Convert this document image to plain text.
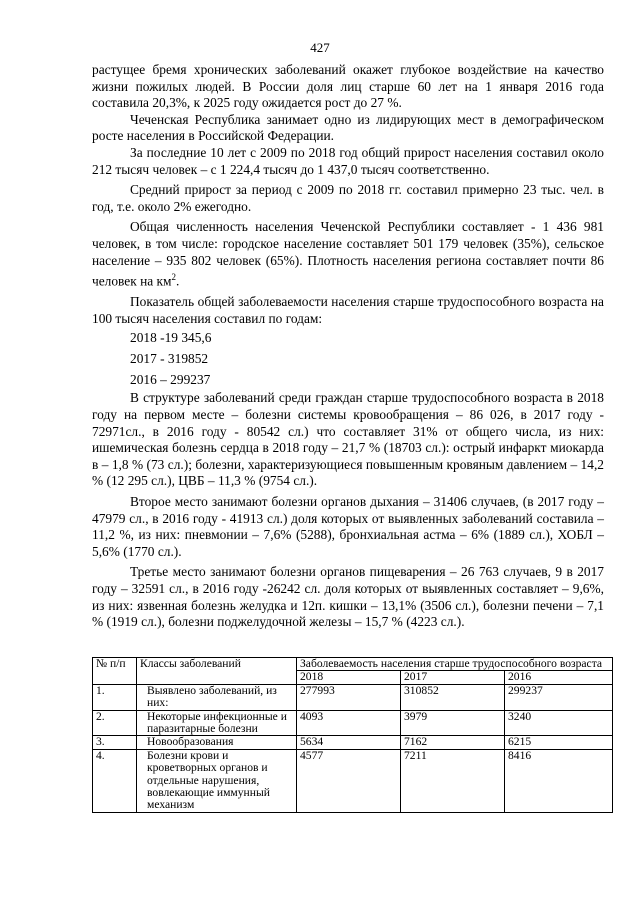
427

растущее бремя хронических заболеваний окажет глубокое воздействие на качество жизни пожилых людей. В России доля лиц старше 60 лет на 1 января 2016 года составила 20,3%, к 2025 году ожидается рост до 27 %.

Чеченская Республика занимает одно из лидирующих мест в демографическом росте населения в Российской Федерации.

За последние 10 лет с 2009 по 2018 год общий прирост населения составил около 212 тысяч человек – с 1 224,4 тысяч до 1 437,0 тысяч соответственно.

Средний прирост за период с 2009 по 2018 гг. составил примерно 23 тыс. чел. в год, т.е. около 2% ежегодно.

Общая численность населения Чеченской Республики составляет - 1 436 981 человек, в том числе: городское население составляет 501 179 человек (35%), сельское население – 935 802 человек (65%). Плотность населения региона составляет почти 86 человек на $км^2$.

Показатель общей заболеваемости населения старше трудоспособного возраста на 100 тысяч населения составил по годам:

2018 -19 345,6
2017 - 319852
2016 – 299237

В структуре заболеваний среди граждан старше трудоспособного возраста в 2018 году на первом месте – болезни системы кровообращения – 86 026, в 2017 году - 72971сл., в 2016 году - 80542 сл.) что составляет 31% от общего числа, из них: ишемическая болезнь сердца в 2018 году – 21,7 % (18703 сл.): острый инфаркт миокарда в – 1,8 % (73 сл.); болезни, характеризующиеся повышенным кровяным давлением – 14,2 % (12 295 сл.), ЦВБ – 11,3 % (9754 сл.).

Второе место занимают болезни органов дыхания – 31406 случаев, (в 2017 году – 47979 сл., в 2016 году - 41913 сл.) доля которых от выявленных заболеваний составила – 11,2 %, из них: пневмонии – 7,6% (5288), бронхиальная астма – 6% (1889 сл.), ХОБЛ – 5,6% (1770 сл.).

Третье место занимают болезни органов пищеварения – 26 763 случаев, 9 в 2017 году – 32591 сл., в 2016 году -26242 сл. доля которых от выявленных составляет – 9,6%, из них: язвенная болезнь желудка и 12п. кишки – 13,1% (3506 сл.), болезни печени – 7,1 % (1919 сл.), болезни поджелудочной железы – 15,7 % (4223 сл.).

№ п/п	Классы заболеваний	Заболеваемость населения старше трудоспособного возраста		
		2018	2017	2016
1.	Выявлено заболеваний, из них:	277993	310852	299237
2.	Некоторые инфекционные и паразитарные болезни	4093	3979	3240
3.	Новообразования	5634	7162	6215
4.	Болезни крови и кроветворных органов и отдельные нарушения, вовлекающие иммунный механизм	4577	7211	8416
